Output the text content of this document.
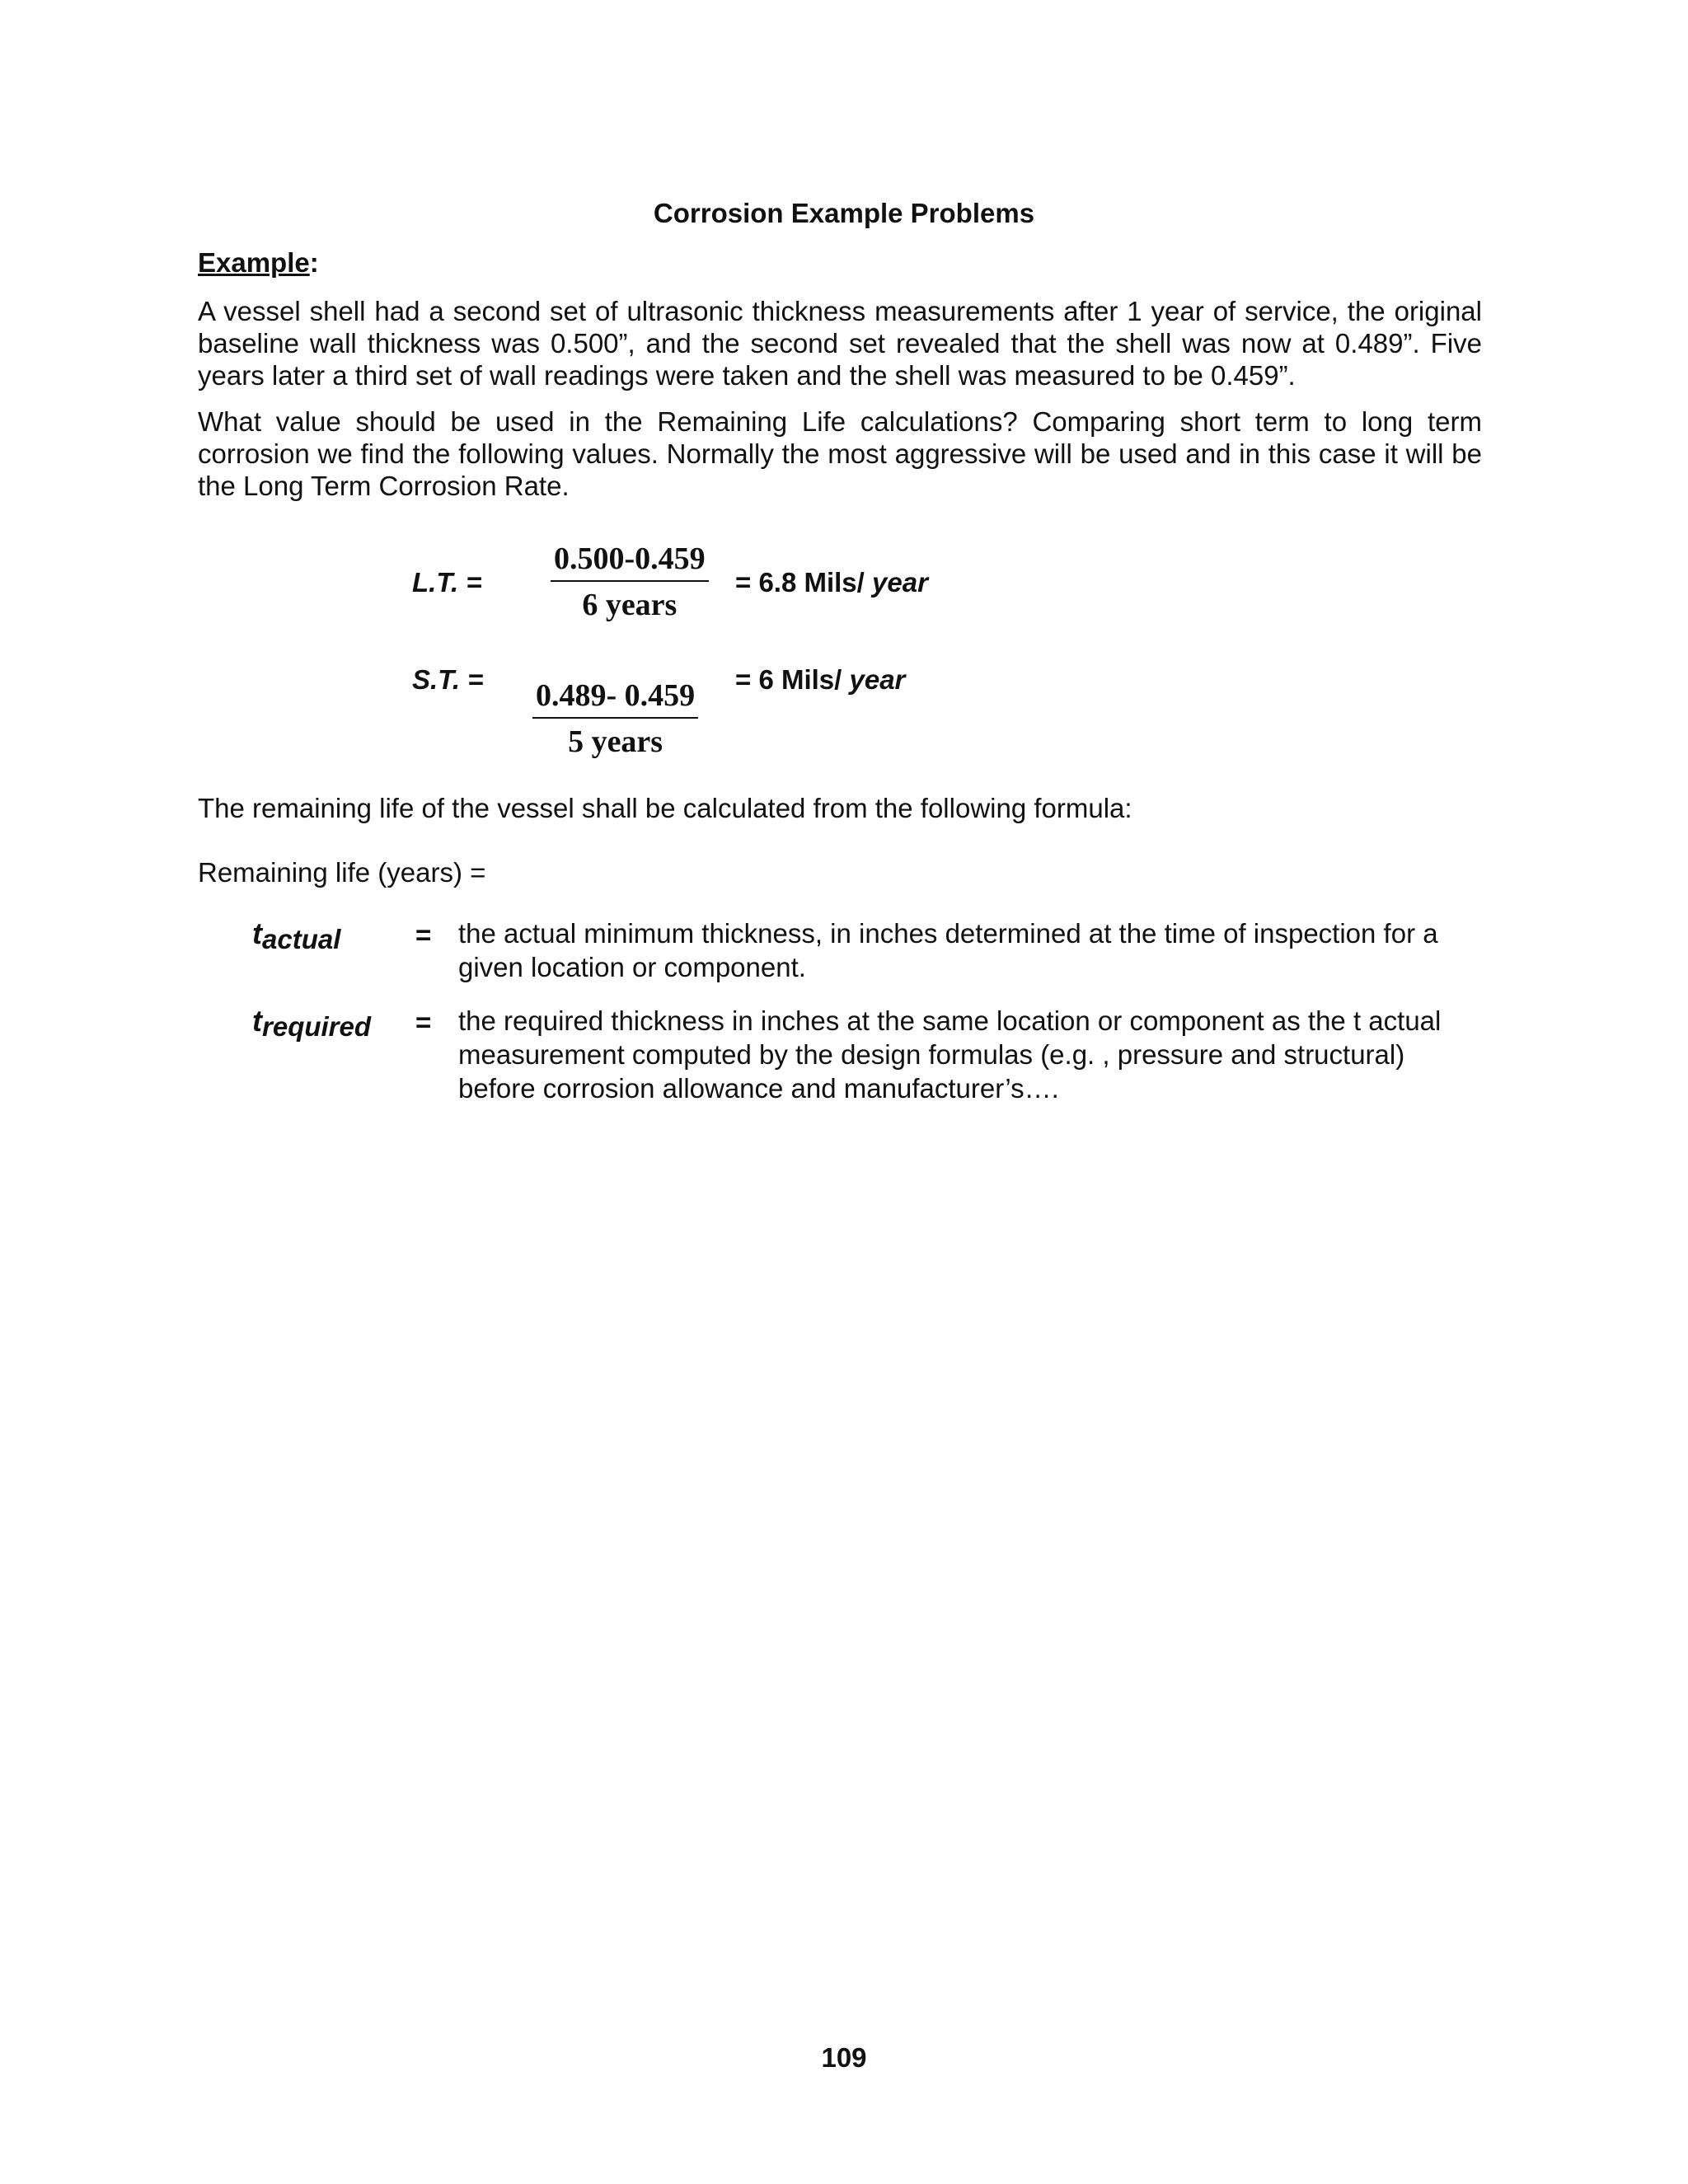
Corrosion Example Problems
Example:
A vessel shell had a second set of ultrasonic thickness measurements after 1 year of service, the original baseline wall thickness was 0.500”, and the second set revealed that the shell was now at 0.489”. Five years later a third set of wall readings were taken and the shell was measured to be 0.459”.
What value should be used in the Remaining Life calculations? Comparing short term to long term corrosion we find the following values. Normally the most aggressive will be used and in this case it will be the Long Term Corrosion Rate.
L.T. =
0.500-0.459
6 years
= 6.8 Mils/ year
S.T. = 0.489- 0.459
5 years
= 6 Mils/ year
The remaining life of the vessel shall be calculated from the following formula:
Remaining life (years) =
tactual	= the actual minimum thickness, in inches determined at the time of inspection for a given location or component.
trequired = the required thickness in inches at the same location or component as the t actual measurement computed by the design formulas (e.g. , pressure and structural) before corrosion allowance and manufacturer’s….
109
